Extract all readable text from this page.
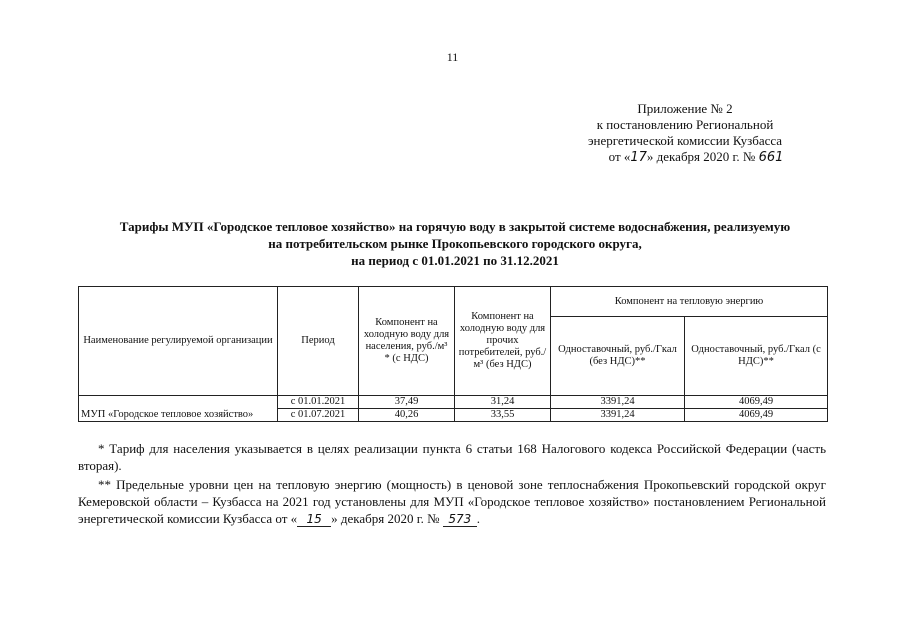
11
Приложение № 2
к постановлению Региональной
энергетической комиссии Кузбасса
от «17» декабря 2020 г. № 661
Тарифы МУП «Городское тепловое хозяйство» на горячую воду в закрытой системе водоснабжения, реализуемую
на потребительском рынке Прокопьевского городского округа,
на период с 01.01.2021 по 31.12.2021
Наименование регулируемой организации	Период	Компонент на холодную воду для населения, руб./м³ * (с НДС)	Компонент на холодную воду для прочих потребителей, руб./м³ (без НДС)	Компонент на тепловую энергию	
				Одноставочный, руб./Гкал (без НДС)**	Одноставочный, руб./Гкал (с НДС)**
МУП «Городское тепловое хозяйство»	с 01.01.2021	37,49	31,24	3391,24	4069,49
	с 01.07.2021	40,26	33,55	3391,24	4069,49
* Тариф для населения указывается в целях реализации пункта 6 статьи 168 Налогового кодекса Российской Федерации (часть вторая).
** Предельные уровни цен на тепловую энергию (мощность) в ценовой зоне теплоснабжения Прокопьевский городской округ Кемеровской области – Кузбасса на 2021 год установлены для МУП «Городское тепловое хозяйство» постановлением Региональной энергетической комиссии Кузбасса от « 15 » декабря 2020 г. № 573 .
